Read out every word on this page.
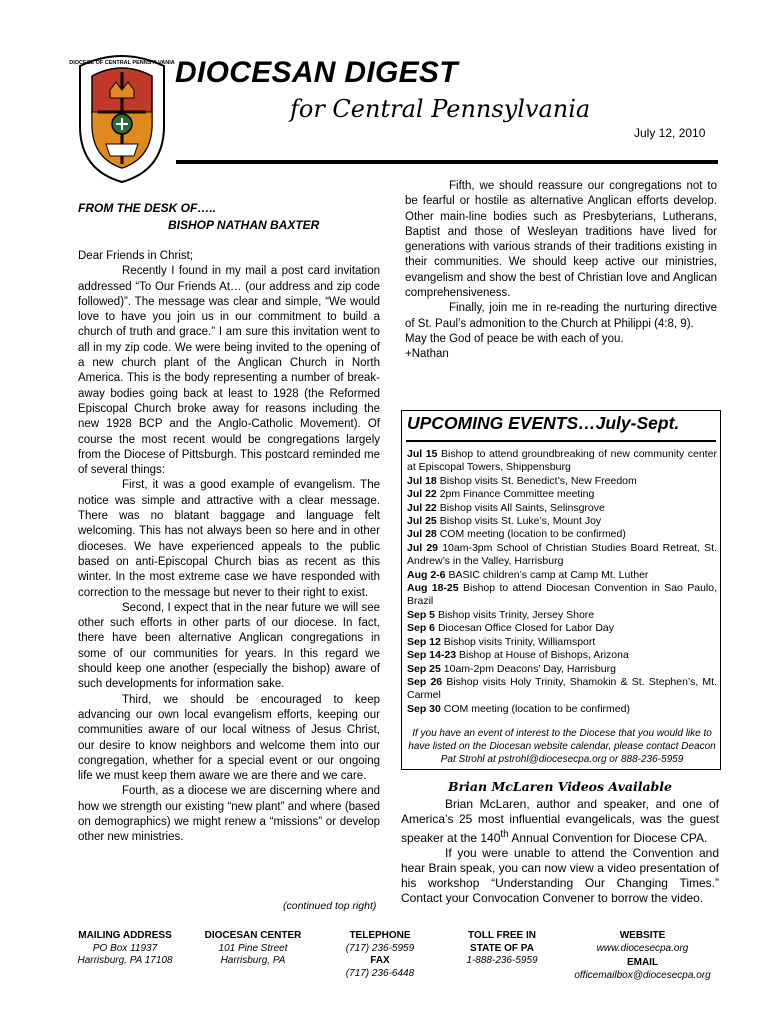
DIOCESE OF CENTRAL PENNSYLVANIA DIOCESAN DIGEST
for Central Pennsylvania
July 12, 2010
FROM THE DESK OF…..
BISHOP NATHAN BAXTER

Dear Friends in Christ;

Recently I found in my mail a post card invitation addressed “To Our Friends At… (our address and zip code followed)”. The message was clear and simple, “We would love to have you join us in our commitment to build a church of truth and grace.” I am sure this invitation went to all in my zip code. We were being invited to the opening of a new church plant of the Anglican Church in North America. This is the body representing a number of break-away bodies going back at least to 1928 (the Reformed Episcopal Church broke away for reasons including the new 1928 BCP and the Anglo-Catholic Movement). Of course the most recent would be congregations largely from the Diocese of Pittsburgh. This postcard reminded me of several things:

First, it was a good example of evangelism. The notice was simple and attractive with a clear message. There was no blatant baggage and language felt welcoming. This has not always been so here and in other dioceses. We have experienced appeals to the public based on anti-Episcopal Church bias as recent as this winter. In the most extreme case we have responded with correction to the message but never to their right to exist.

Second, I expect that in the near future we will see other such efforts in other parts of our diocese. In fact, there have been alternative Anglican congregations in some of our communities for years. In this regard we should keep one another (especially the bishop) aware of such developments for information sake.

Third, we should be encouraged to keep advancing our own local evangelism efforts, keeping our communities aware of our local witness of Jesus Christ, our desire to know neighbors and welcome them into our congregation, whether for a special event or our ongoing life we must keep them aware we are there and we care.

Fourth, as a diocese we are discerning where and how we strength our existing “new plant” and where (based on demographics) we might renew a “missions” or develop other new ministries.

(continued top right)

Fifth, we should reassure our congregations not to be fearful or hostile as alternative Anglican efforts develop. Other main-line bodies such as Presbyterians, Lutherans, Baptist and those of Wesleyan traditions have lived for generations with various strands of their traditions existing in their communities. We should keep active our ministries, evangelism and show the best of Christian love and Anglican comprehensiveness.

Finally, join me in re-reading the nurturing directive of St. Paul’s admonition to the Church at Philippi (4:8, 9).

May the God of peace be with each of you.

+Nathan

UPCOMING EVENTS…July-Sept.
Jul 15 Bishop to attend groundbreaking of new community center at Episcopal Towers, Shippensburg
Jul 18 Bishop visits St. Benedict’s, New Freedom
Jul 22 2pm Finance Committee meeting
Jul 22 Bishop visits All Saints, Selinsgrove
Jul 25 Bishop visits St. Luke’s, Mount Joy
Jul 28 COM meeting (location to be confirmed)
Jul 29 10am-3pm School of Christian Studies Board Retreat, St. Andrew’s in the Valley, Harrisburg
Aug 2-6 BASIC children’s camp at Camp Mt. Luther
Aug 18-25 Bishop to attend Diocesan Convention in Sao Paulo, Brazil
Sep 5 Bishop visits Trinity, Jersey Shore
Sep 6 Diocesan Office Closed for Labor Day
Sep 12 Bishop visits Trinity, Williamsport
Sep 14-23 Bishop at House of Bishops, Arizona
Sep 25 10am-2pm Deacons’ Day, Harrisburg
Sep 26 Bishop visits Holy Trinity, Shamokin & St. Stephen’s, Mt. Carmel
Sep 30 COM meeting (location to be confirmed)
If you have an event of interest to the Diocese that you would like to have listed on the Diocesan website calendar, please contact Deacon Pat Strohl at pstrohl@diocesecpa.org or 888-236-5959
Brian McLaren Videos Available

Brian McLaren, author and speaker, and one of America’s 25 most influential evangelicals, was the guest speaker at the 140th Annual Convention for Diocese CPA.

If you were unable to attend the Convention and hear Brain speak, you can now view a video presentation of his workshop “Understanding Our Changing Times.” Contact your Convocation Convener to borrow the video.

MAILING ADDRESS
PO Box 11937
Harrisburg, PA 17108
DIOCESAN CENTER
101 Pine Street
Harrisburg, PA
TELEPHONE
(717) 236-5959
FAX
(717) 236-6448
TOLL FREE IN
STATE OF PA
1-888-236-5959
WEBSITE
www.diocesecpa.org
EMAIL
officemailbox@diocesecpa.org
